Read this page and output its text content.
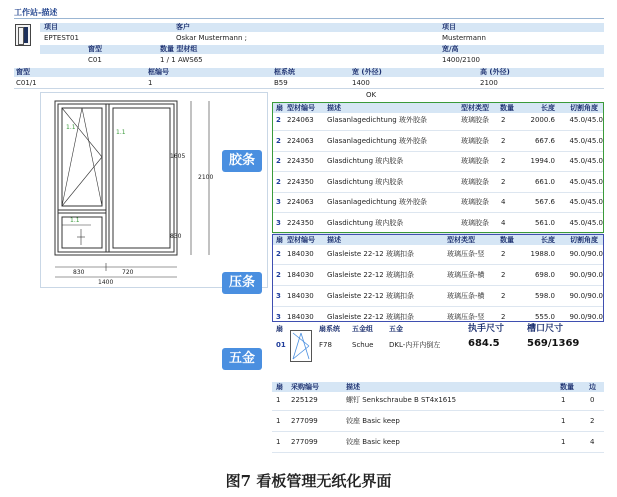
工作站-描述
项目	客户	项目
EPTEST01	Oskar Mustermann ;	Mustermann
窗型	数量 型材组	宽/高
C01	1 / 1 AWS65	1400/2100
窗型	框编号	框系统	宽 (外径)	高 (外径)
C01/1	1	B59	1400	2100
OK
1605
2100
830
830	720
1400
1.1
1.1
1.1
胶条
压条
五金
扇 型材编号 描述	型材类型 数量	长度 切割角度
2 224063 Glasanlagedichtung 玻外胶条	玻璃胶条 2	2000.6 45.0/45.0
2 224063 Glasanlagedichtung 玻外胶条	玻璃胶条 2	667.6 45.0/45.0
2 224350 Glasdichtung 玻内胶条	玻璃胶条 2	1994.0 45.0/45.0
2 224350 Glasdichtung 玻内胶条	玻璃胶条 2	661.0 45.0/45.0
3 224063 Glasanlagedichtung 玻外胶条	玻璃胶条 4	567.6 45.0/45.0
3 224350 Glasdichtung 玻内胶条	玻璃胶条 4	561.0 45.0/45.0
扇 型材编号 描述	型材类型	数量	长度 切割角度
2 184030 Glasleiste 22-12 玻璃扣条	玻璃压条-竖 2	1988.0 90.0/90.0
2 184030 Glasleiste 22-12 玻璃扣条	玻璃压条-横 2	698.0 90.0/90.0
3 184030 Glasleiste 22-12 玻璃扣条	玻璃压条-横 2	598.0 90.0/90.0
3 184030 Glasleiste 22-12 玻璃扣条	玻璃压条-竖 2	555.0 90.0/90.0
扇	扇系统 五金组 五金	执手尺寸	槽口尺寸
01	F78	Schue DKL-内开内倒左	684.5	569/1369
扇 采购编号	描述	数量 边
1 225129	螺钉 Senkschraube B ST4x1615	1	0
1 277099	铰座 Basic keep	1	2
1 277099	铰座 Basic keep	1	4
图7 看板管理无纸化界面
